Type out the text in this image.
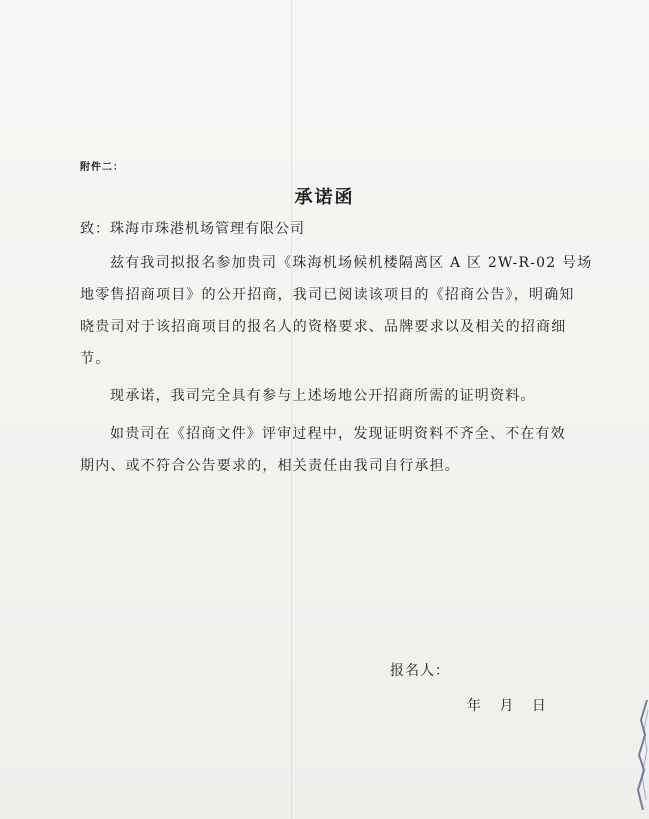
附件二：
承诺函
致：珠海市珠港机场管理有限公司
兹有我司拟报名参加贵司《珠海机场候机楼隔离区 A 区 2W-R-02 号场
地零售招商项目》的公开招商，我司已阅读该项目的《招商公告》，明确知
晓贵司对于该招商项目的报名人的资格要求、品牌要求以及相关的招商细
节。
现承诺，我司完全具有参与上述场地公开招商所需的证明资料。
如贵司在《招商文件》评审过程中，发现证明资料不齐全、不在有效
期内、或不符合公告要求的，相关责任由我司自行承担。
报名人：
年 月 日
